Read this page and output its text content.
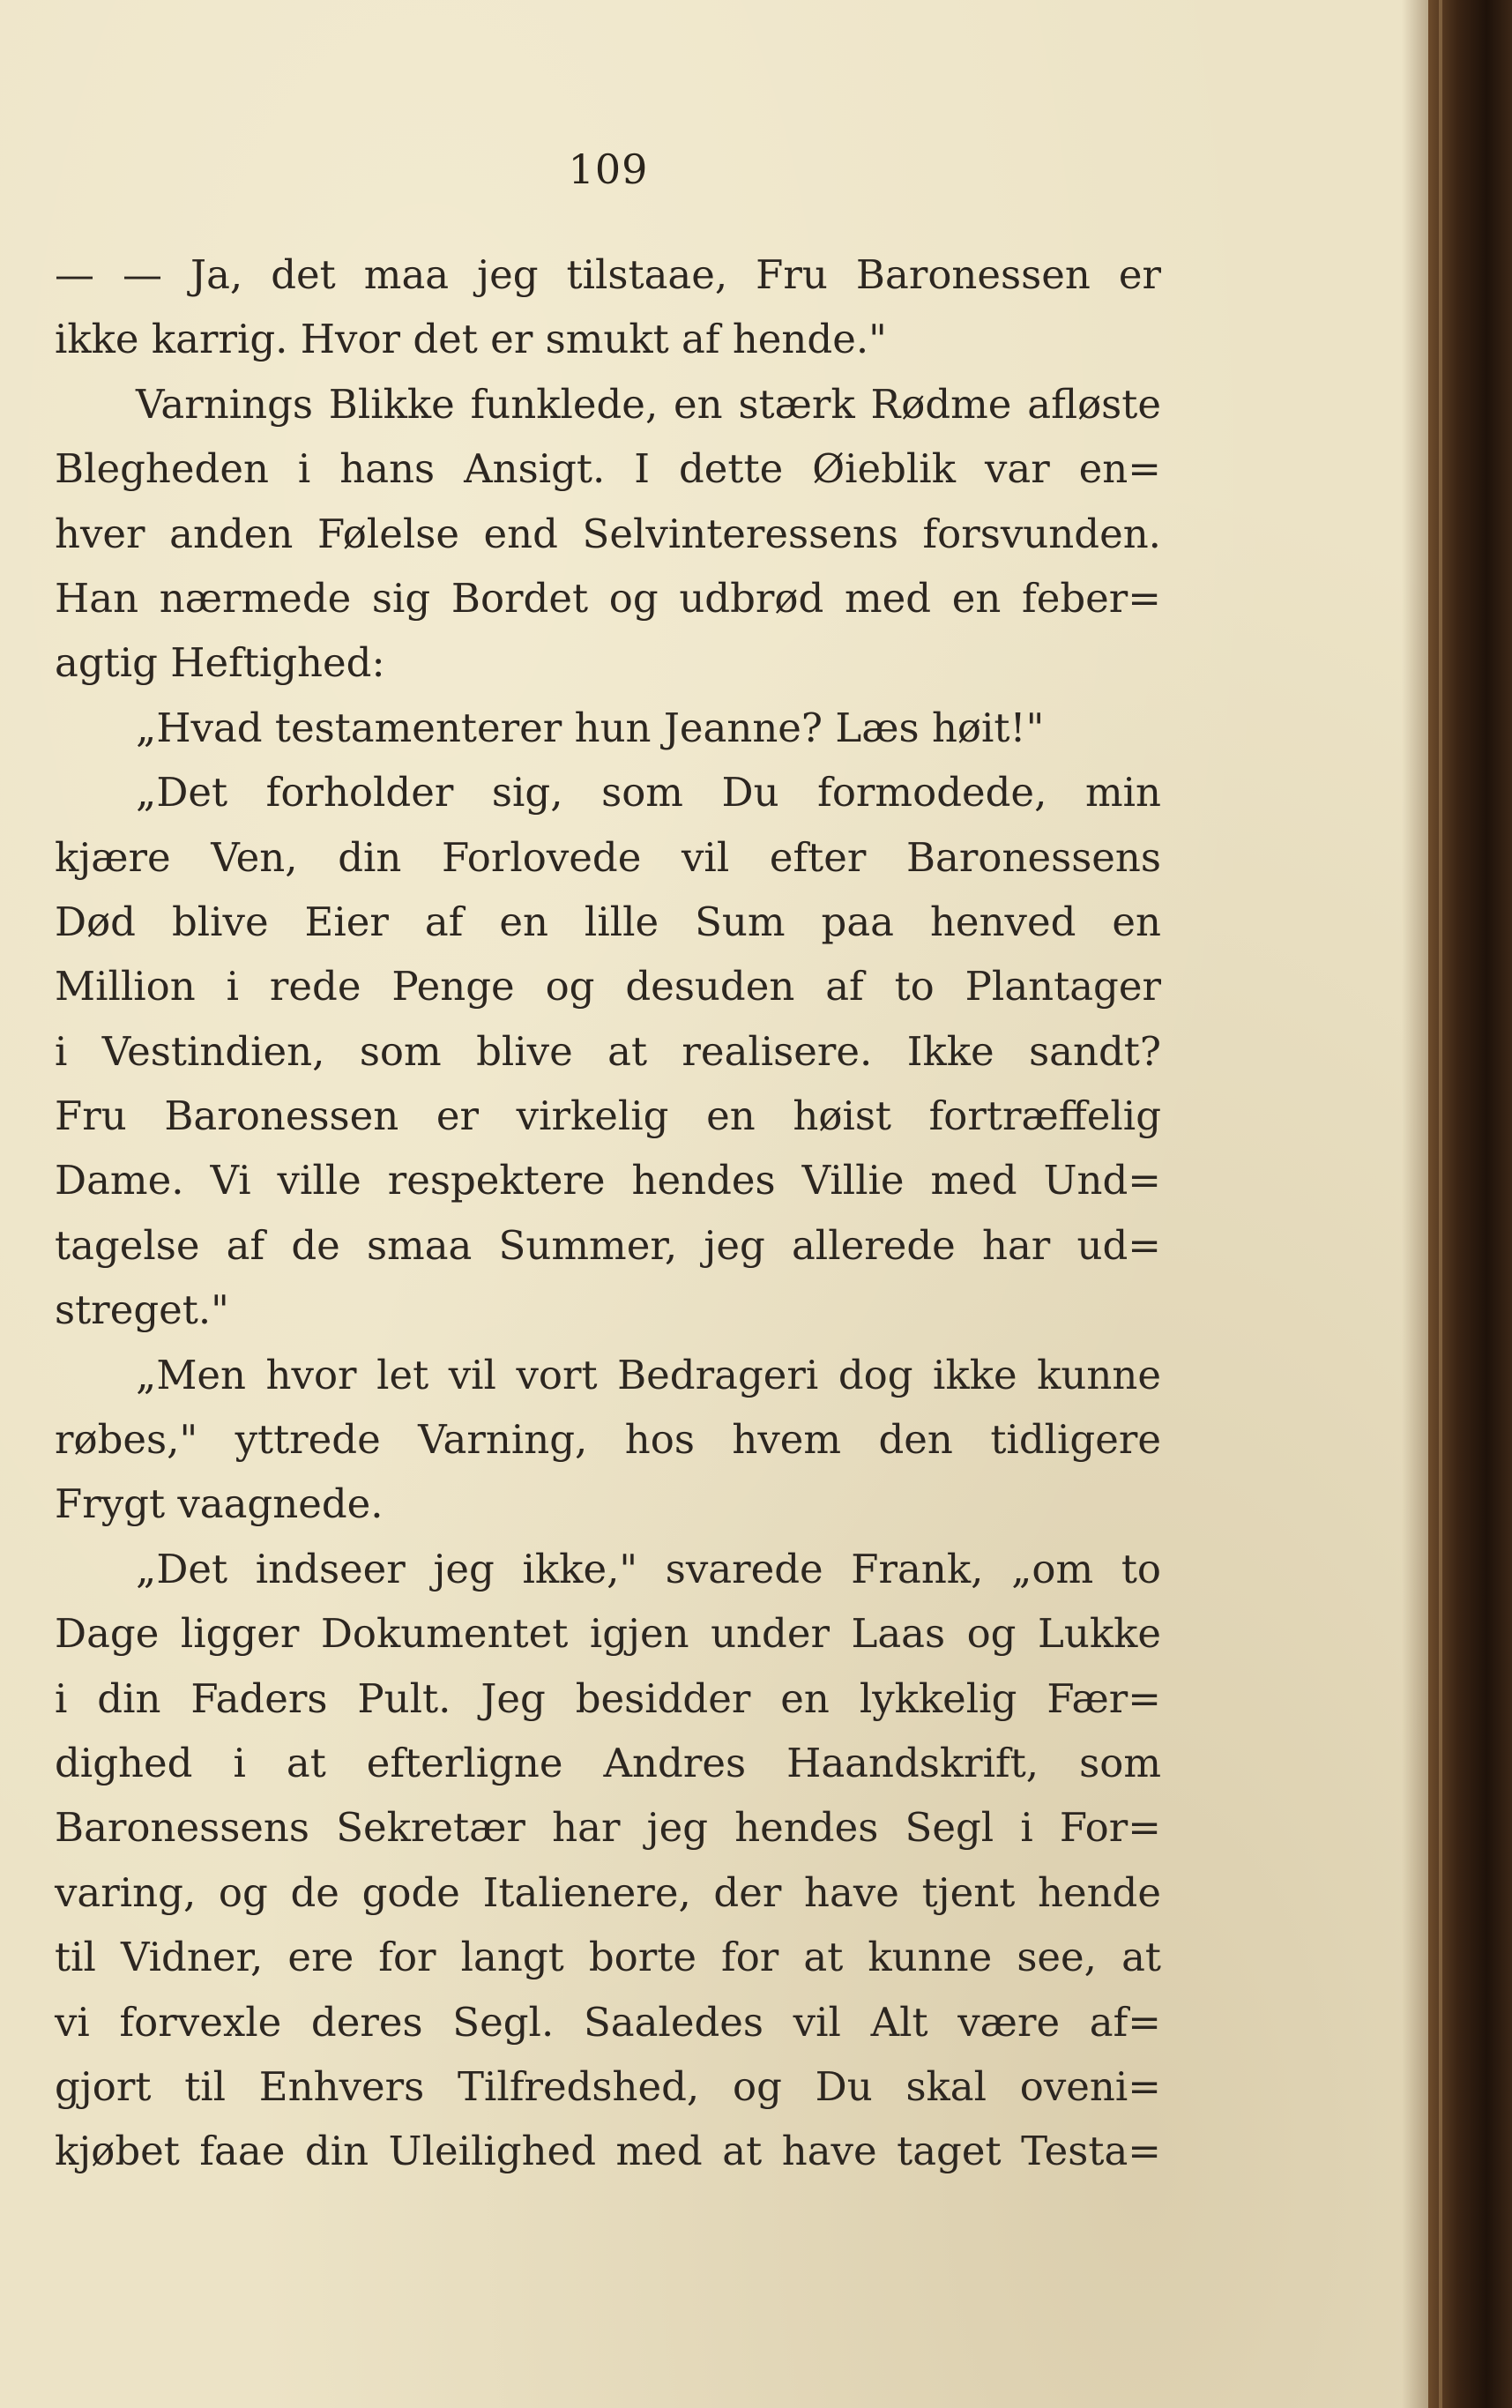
109
— — Ja, det maa jeg tilstaae, Fru Baronessen er
ikke karrig. Hvor det er smukt af hende."
Varnings Blikke funklede, en stærk Rødme afløste
Blegheden i hans Ansigt. I dette Øieblik var en=
hver anden Følelse end Selvinteressens forsvunden.
Han nærmede sig Bordet og udbrød med en feber=
agtig Heftighed:
„Hvad testamenterer hun Jeanne? Læs høit!"
„Det forholder sig, som Du formodede, min
kjære Ven, din Forlovede vil efter Baronessens
Død blive Eier af en lille Sum paa henved en
Million i rede Penge og desuden af to Plantager
i Vestindien, som blive at realisere. Ikke sandt?
Fru Baronessen er virkelig en høist fortræffelig
Dame. Vi ville respektere hendes Villie med Und=
tagelse af de smaa Summer, jeg allerede har ud=
streget."
„Men hvor let vil vort Bedrageri dog ikke kunne
røbes," yttrede Varning, hos hvem den tidligere
Frygt vaagnede.
„Det indseer jeg ikke," svarede Frank, „om to
Dage ligger Dokumentet igjen under Laas og Lukke
i din Faders Pult. Jeg besidder en lykkelig Fær=
dighed i at efterligne Andres Haandskrift, som
Baronessens Sekretær har jeg hendes Segl i For=
varing, og de gode Italienere, der have tjent hende
til Vidner, ere for langt borte for at kunne see, at
vi forvexle deres Segl. Saaledes vil Alt være af=
gjort til Enhvers Tilfredshed, og Du skal oveni=
kjøbet faae din Uleilighed med at have taget Testa=
